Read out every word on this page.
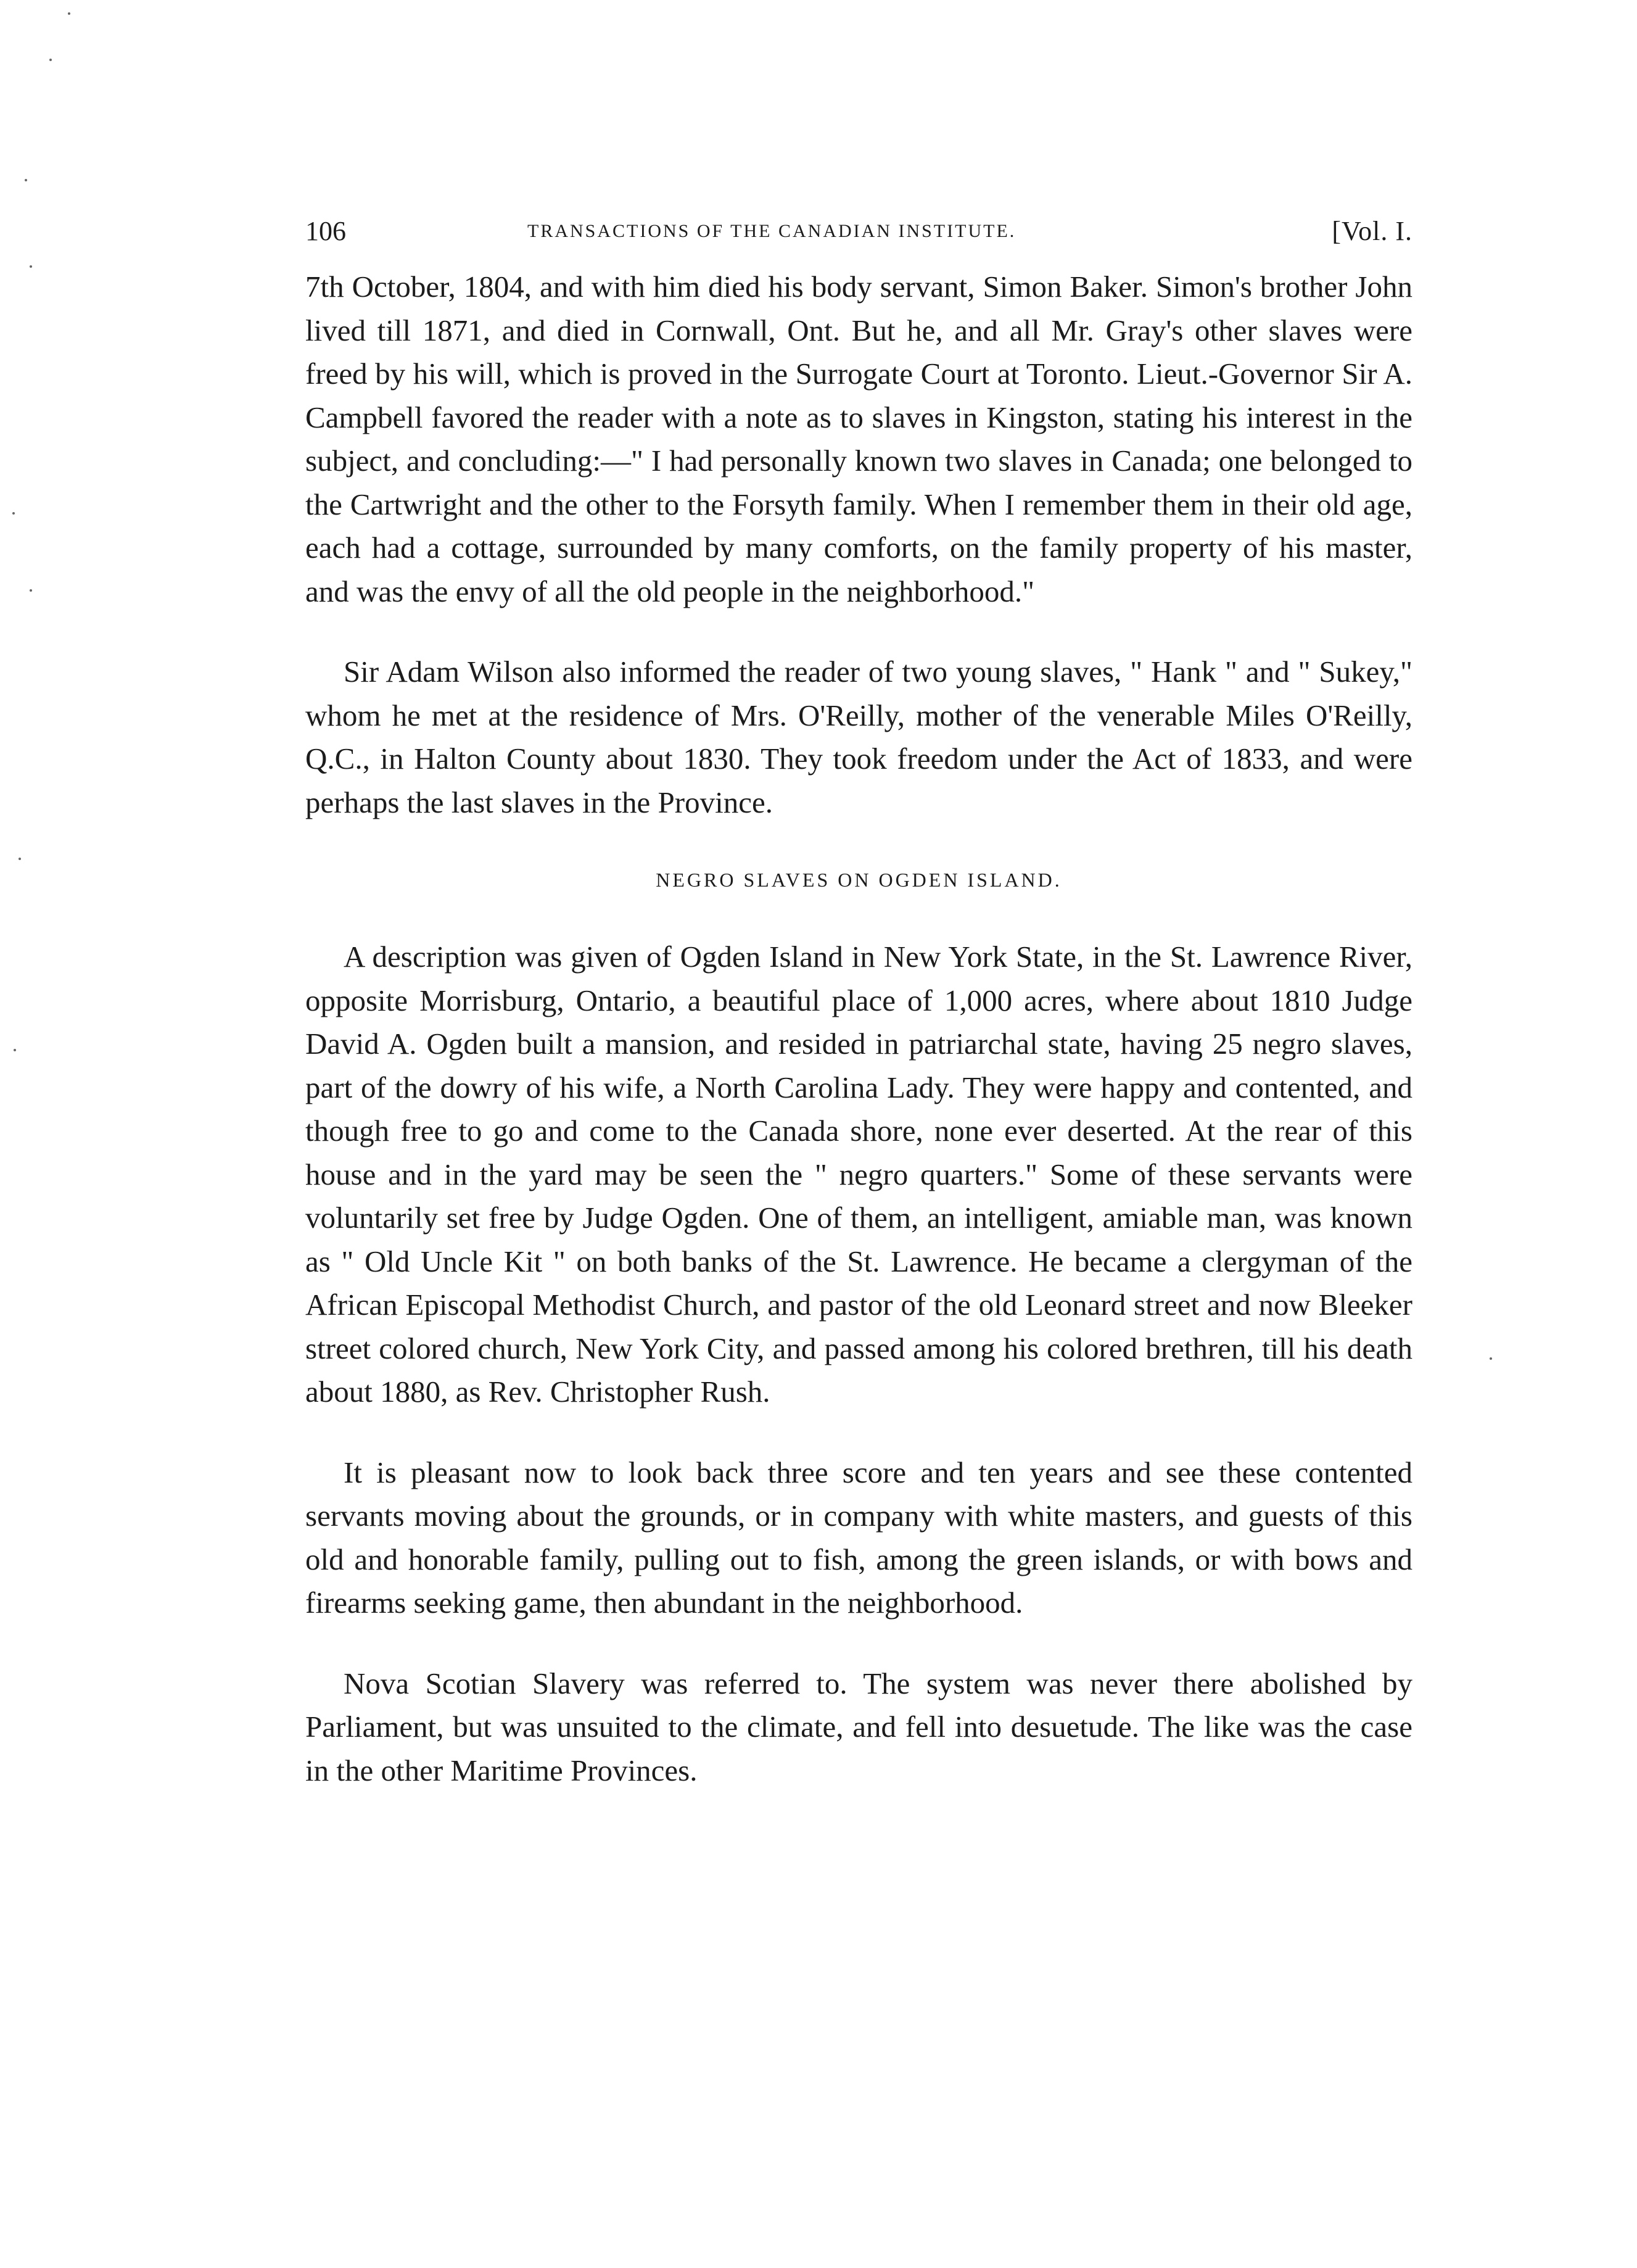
106	TRANSACTIONS OF THE CANADIAN INSTITUTE.	[Vol. I.

7th October, 1804, and with him died his body servant, Simon Baker. Simon's brother John lived till 1871, and died in Cornwall, Ont. But he, and all Mr. Gray's other slaves were freed by his will, which is proved in the Surrogate Court at Toronto. Lieut.-Governor Sir A. Campbell favored the reader with a note as to slaves in Kingston, stating his interest in the subject, and concluding:—" I had personally known two slaves in Canada; one belonged to the Cartwright and the other to the Forsyth family. When I remember them in their old age, each had a cottage, surrounded by many comforts, on the family property of his master, and was the envy of all the old people in the neighborhood."

Sir Adam Wilson also informed the reader of two young slaves, " Hank " and " Sukey," whom he met at the residence of Mrs. O'Reilly, mother of the venerable Miles O'Reilly, Q.C., in Halton County about 1830. They took freedom under the Act of 1833, and were perhaps the last slaves in the Province.

NEGRO SLAVES ON OGDEN ISLAND.

A description was given of Ogden Island in New York State, in the St. Lawrence River, opposite Morrisburg, Ontario, a beautiful place of 1,000 acres, where about 1810 Judge David A. Ogden built a mansion, and resided in patriarchal state, having 25 negro slaves, part of the dowry of his wife, a North Carolina Lady. They were happy and contented, and though free to go and come to the Canada shore, none ever deserted. At the rear of this house and in the yard may be seen the " negro quarters." Some of these servants were voluntarily set free by Judge Ogden. One of them, an intelligent, amiable man, was known as " Old Uncle Kit " on both banks of the St. Lawrence. He became a clergyman of the African Episcopal Methodist Church, and pastor of the old Leonard street and now Bleeker street colored church, New York City, and passed among his colored brethren, till his death about 1880, as Rev. Christopher Rush.

It is pleasant now to look back three score and ten years and see these contented servants moving about the grounds, or in company with white masters, and guests of this old and honorable family, pulling out to fish, among the green islands, or with bows and firearms seeking game, then abundant in the neighborhood.

Nova Scotian Slavery was referred to. The system was never there abolished by Parliament, but was unsuited to the climate, and fell into desuetude. The like was the case in the other Maritime Provinces.
